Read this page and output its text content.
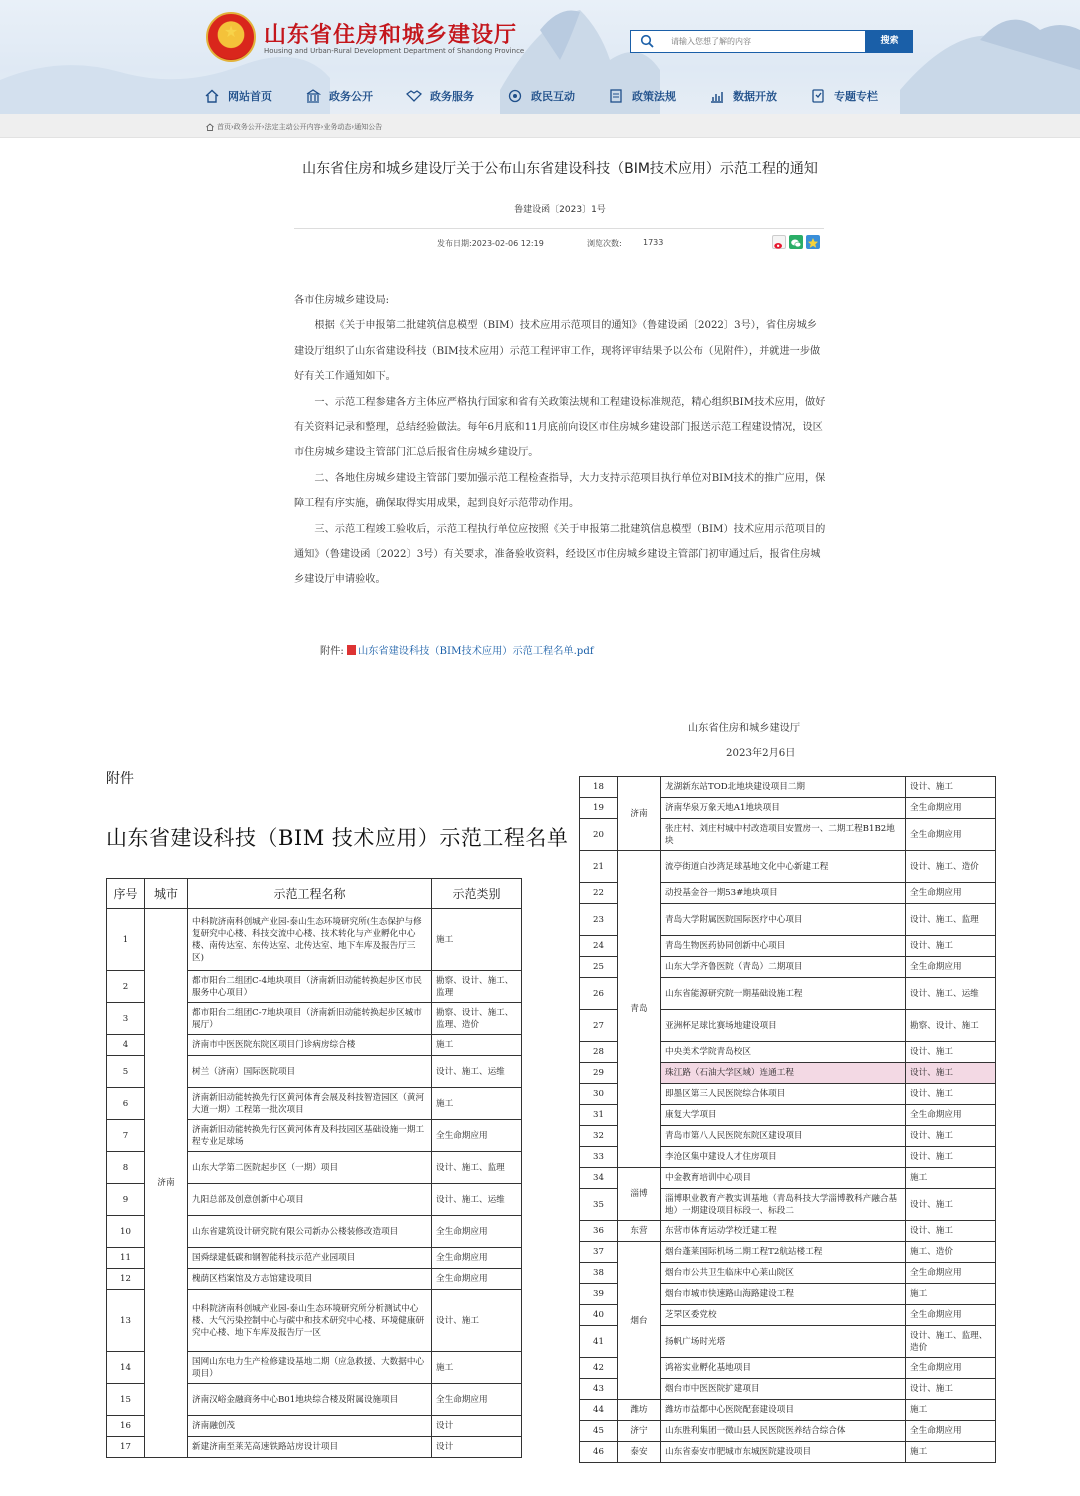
★	山东省住房和城乡建设厅
Housing and Urban-Rural Development Department of Shandong Province
请输入您想了解的内容
搜索
网站首页	政务公开	政务服务	政民互动	政策法规	数据开放	专题专栏
首页›政务公开›法定主动公开内容›业务动态›通知公告
山东省住房和城乡建设厅关于公布山东省建设科技（BIM技术应用）示范工程的通知
鲁建设函〔2023〕1号
发布日期:2023-02-06 12:19	浏览次数:	1733

各市住房城乡建设局:

根据《关于申报第二批建筑信息模型（BIM）技术应用示范项目的通知》（鲁建设函〔2022〕3号），省住房城乡建设厅组织了山东省建设科技（BIM技术应用）示范工程评审工作，现将评审结果予以公布（见附件），并就进一步做好有关工作通知如下。

一、示范工程参建各方主体应严格执行国家和省有关政策法规和工程建设标准规范，精心组织BIM技术应用，做好有关资料记录和整理，总结经验做法。每年6月底和11月底前向设区市住房城乡建设部门报送示范工程建设情况，设区市住房城乡建设主管部门汇总后报省住房城乡建设厅。

二、各地住房城乡建设主管部门要加强示范工程检查指导，大力支持示范项目执行单位对BIM技术的推广应用，保障工程有序实施，确保取得实用成果，起到良好示范带动作用。

三、示范工程竣工验收后，示范工程执行单位应按照《关于申报第二批建筑信息模型（BIM）技术应用示范项目的通知》（鲁建设函〔2022〕3号）有关要求，准备验收资料，经设区市住房城乡建设主管部门初审通过后，报省住房城乡建设厅申请验收。

附件: 山东省建设科技（BIM技术应用）示范工程名单.pdf
山东省住房和城乡建设厅
2023年2月6日
附件
山东省建设科技（BIM 技术应用）示范工程名单
序号	城市	示范工程名称	示范类别
1	济南	中科院济南科创城产业园-泰山生态环境研究所(生态保护与修复研究中心楼、科技交流中心楼、技术转化与产业孵化中心楼、南传达室、东传达室、北传达室、地下车库及报告厅三区)	施工
2		都市阳台二组团C-4地块项目（济南新旧动能转换起步区市民服务中心项目）	勘察、设计、施工、监理
3		都市阳台二组团C-7地块项目（济南新旧动能转换起步区城市展厅）	勘察、设计、施工、监理、造价
4		济南市中医医院东院区项目门诊病房综合楼	施工
5		树兰（济南）国际医院项目	设计、施工、运维
6		济南新旧动能转换先行区黄河体育会展及科技智造园区（黄河大道一期）工程第一批次项目	施工
7		济南新旧动能转换先行区黄河体育及科技园区基础设施一期工程专业足球场	全生命期应用
8		山东大学第二医院起步区（一期）项目	设计、施工、监理
9		九阳总部及创意创新中心项目	设计、施工、运维
10		山东省建筑设计研究院有限公司新办公楼装修改造项目	全生命期应用
11		国舜绿建低碳和钢智能科技示范产业园项目	全生命期应用
12		槐荫区档案馆及方志馆建设项目	全生命期应用
13		中科院济南科创城产业园-泰山生态环境研究所分析测试中心楼、大气污染控制中心与碳中和技术研究中心楼、环境健康研究中心楼、地下车库及报告厅一区	设计、施工
14		国网山东电力生产检修建设基地二期（应急救援、大数据中心项目）	施工
15		济南汉峪金融商务中心B01地块综合楼及附属设施项目	全生命期应用
16		济南融创茂	设计
17		新建济南至莱芜高速铁路站房设计项目	设计
18	济南	龙湖新东站TOD北地块建设项目二期	设计、施工
19		济南华泉万象天地A1地块项目	全生命期应用
20		张庄村、刘庄村城中村改造项目安置房一、二期工程B1B2地块	全生命期应用
21	青岛	流亭街道白沙湾足球基地文化中心新建工程	设计、施工、造价
22		动投基金谷一期53#地块项目	全生命期应用
23		青岛大学附属医院国际医疗中心项目	设计、施工、监理
24		青岛生物医药协同创新中心项目	设计、施工
25		山东大学齐鲁医院（青岛）二期项目	全生命期应用
26		山东省能源研究院一期基础设施工程	设计、施工、运维
27		亚洲杯足球比赛场地建设项目	勘察、设计、施工
28		中央美术学院青岛校区	设计、施工
29		珠江路（石油大学区域）连通工程	设计、施工
30		即墨区第三人民医院综合体项目	设计、施工
31		康复大学项目	全生命期应用
32		青岛市第八人民医院东院区建设项目	设计、施工
33		李沧区集中建设人才住房项目	设计、施工
34	淄博	中金教育培训中心项目	施工
35		淄博职业教育产教实训基地（青岛科技大学淄博教科产融合基地）一期建设项目标段一、标段二	设计、施工
36	东营	东营市体育运动学校迁建工程	设计、施工
37	烟台	烟台蓬莱国际机场二期工程T2航站楼工程	施工、造价
38		烟台市公共卫生临床中心莱山院区	全生命期应用
39		烟台市城市快速路山海路建设工程	施工
40		芝罘区委党校	全生命期应用
41		扬帆广场时光塔	设计、施工、监理、造价
42		鸿裕实业孵化基地项目	全生命期应用
43		烟台市中医医院扩建项目	设计、施工
44	潍坊	潍坊市益都中心医院配套建设项目	施工
45	济宁	山东胜利集团一微山县人民医院医养结合综合体	全生命期应用
46	泰安	山东省泰安市肥城市东城医院建设项目	施工
